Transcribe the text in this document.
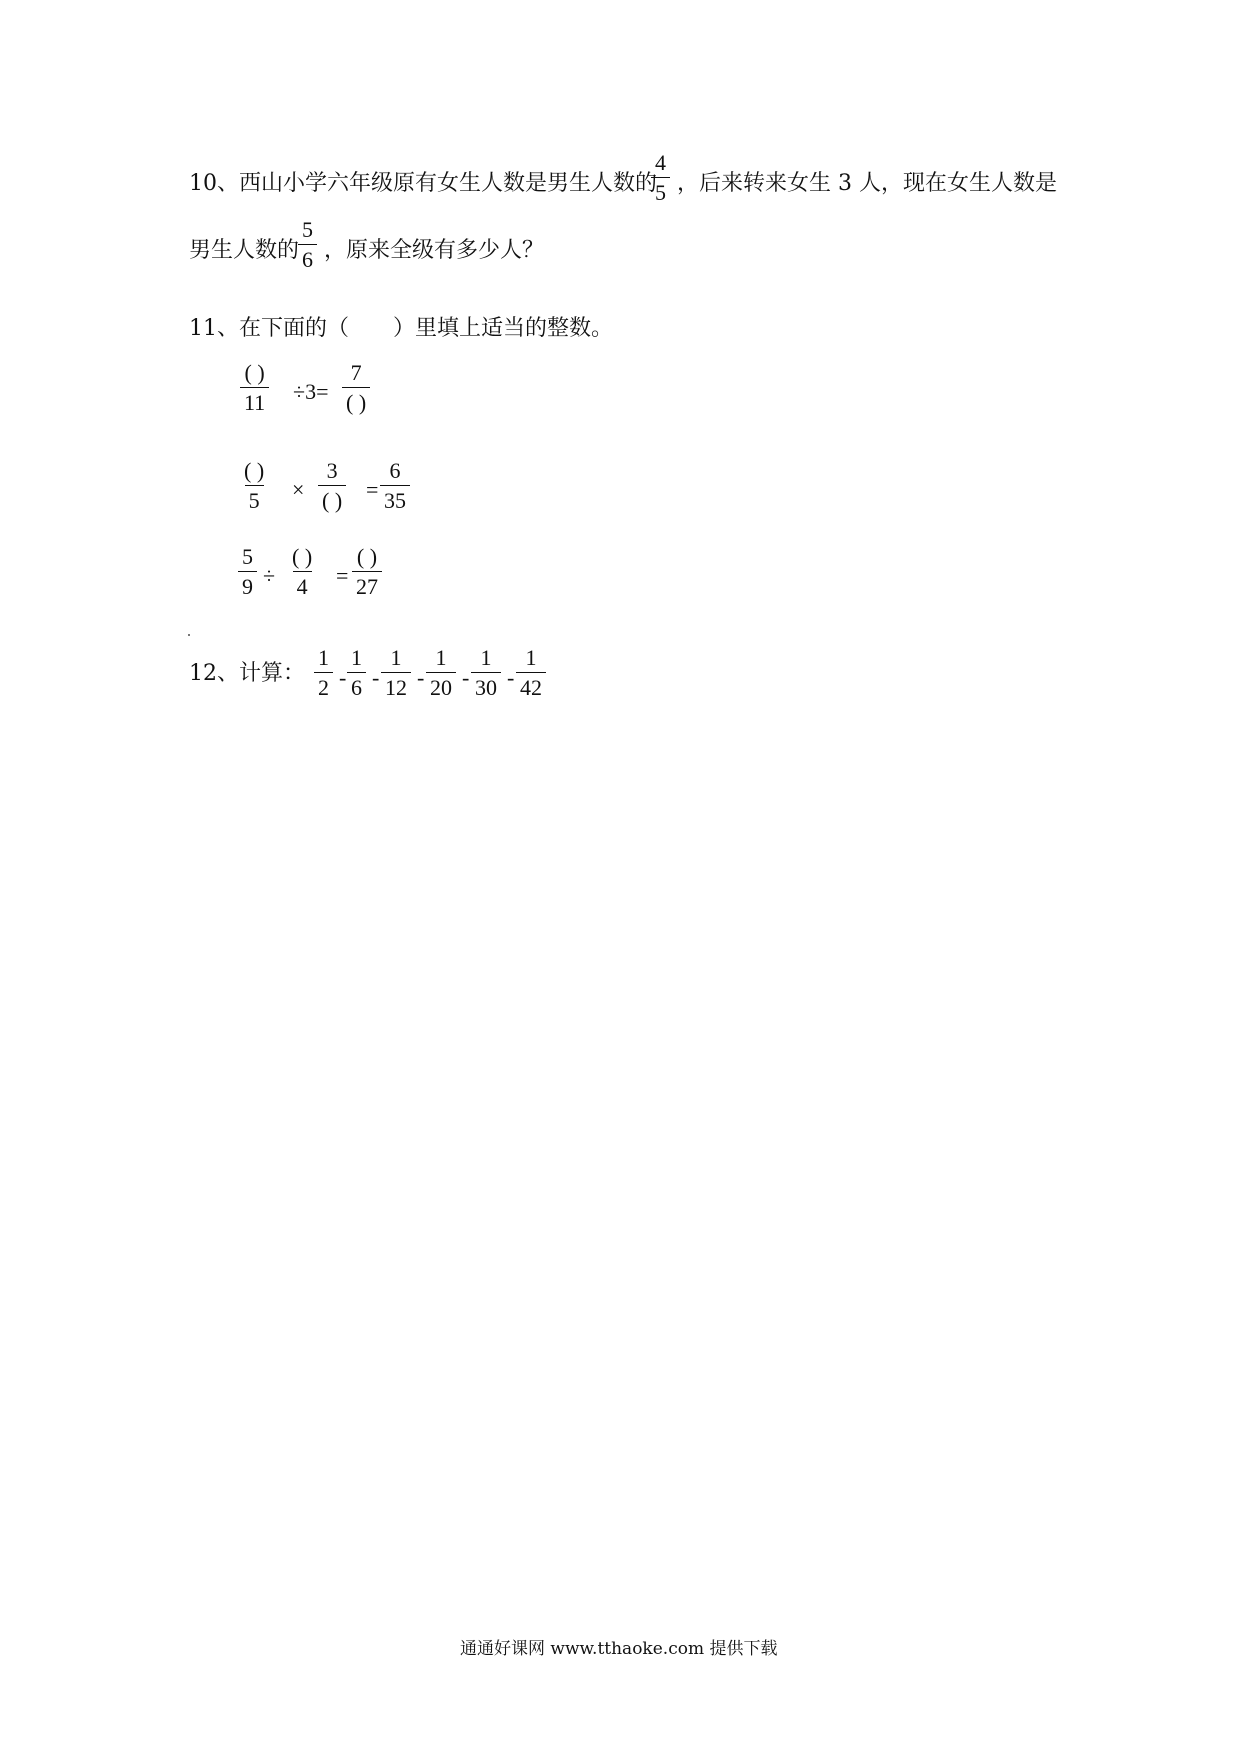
10、西山小学六年级原有女生人数是男生人数的
$\frac{4}{5}$ ，后来转来女生 3 人，现在女生人数是
男生人数的
$\frac{5}{6}$ ，原来全级有多少人？
11、在下面的（　　）里填上适当的整数。
( )
11 ÷3=
7
( )
( )
5 ×
3
( ) = $\frac{6}{35}$
$\frac{5}{9}$ ÷
( )
4 =
( )
27
12、计算： $\frac{1}{2} - \frac{1}{6} - \frac{1}{12} - \frac{1}{20} - \frac{1}{30} - \frac{1}{42}$
通通好课网 www.tthaoke.com 提供下载
